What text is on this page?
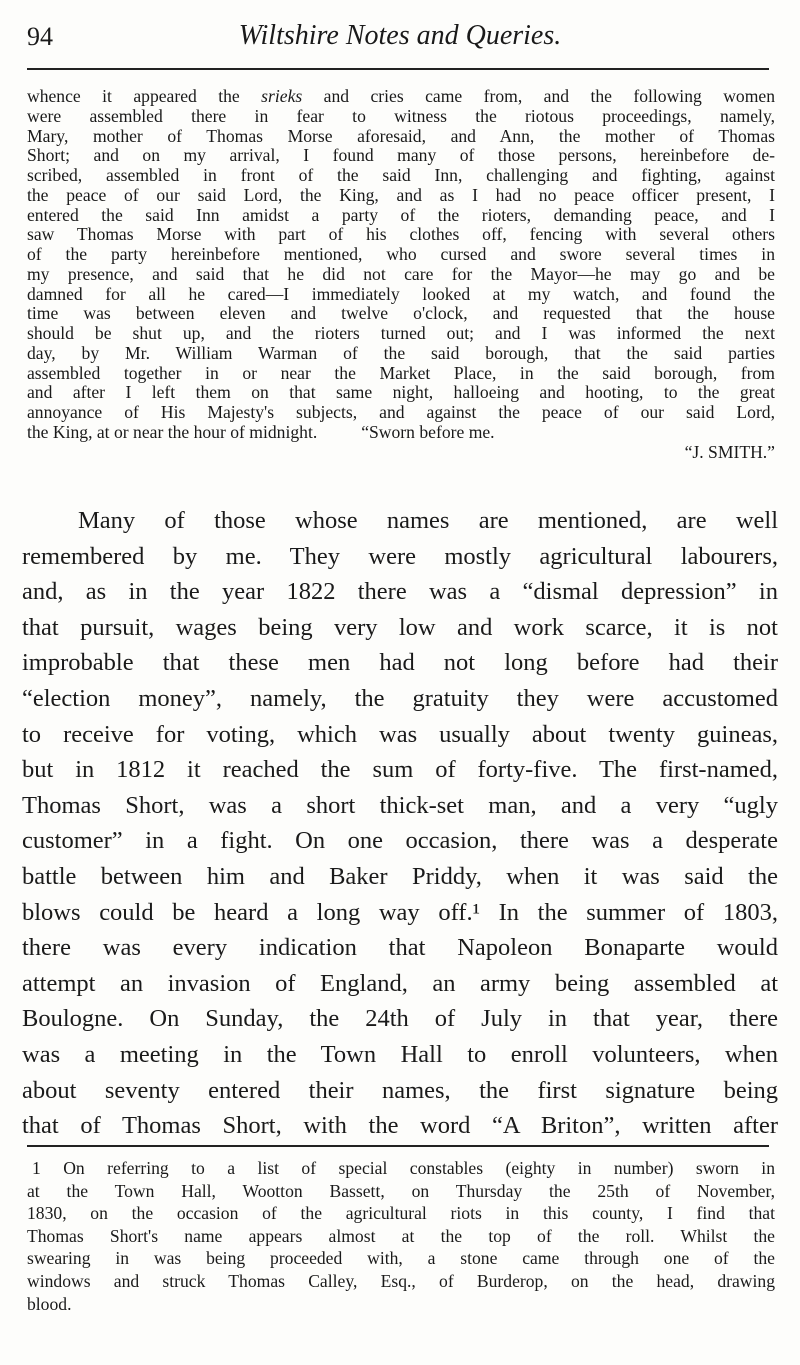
94	Wiltshire Notes and Queries.
whence it appeared the srieks and cries came from, and the following women
were assembled there in fear to witness the riotous proceedings, namely,
Mary, mother of Thomas Morse aforesaid, and Ann, the mother of Thomas
Short; and on my arrival, I found many of those persons, hereinbefore de-
scribed, assembled in front of the said Inn, challenging and fighting, against
the peace of our said Lord, the King, and as I had no peace officer present, I
entered the said Inn amidst a party of the rioters, demanding peace, and I
saw Thomas Morse with part of his clothes off, fencing with several others
of the party hereinbefore mentioned, who cursed and swore several times in
my presence, and said that he did not care for the Mayor—he may go and be
damned for all he cared—I immediately looked at my watch, and found the
time was between eleven and twelve o'clock, and requested that the house
should be shut up, and the rioters turned out; and I was informed the next
day, by Mr. William Warman of the said borough, that the said parties
assembled together in or near the Market Place, in the said borough, from
and after I left them on that same night, halloeing and hooting, to the great
annoyance of His Majesty's subjects, and against the peace of our said Lord,
the King, at or near the hour of midnight.          “Sworn before me.
“J. SMITH.”
Many of those whose names are mentioned, are well
remembered by me. They were mostly agricultural labourers,
and, as in the year 1822 there was a “dismal depression” in
that pursuit, wages being very low and work scarce, it is not
improbable that these men had not long before had their
“election money”, namely, the gratuity they were accustomed
to receive for voting, which was usually about twenty guineas,
but in 1812 it reached the sum of forty-five. The first-named,
Thomas Short, was a short thick-set man, and a very “ugly
customer” in a fight. On one occasion, there was a desperate
battle between him and Baker Priddy, when it was said the
blows could be heard a long way off.¹ In the summer of 1803,
there was every indication that Napoleon Bonaparte would
attempt an invasion of England, an army being assembled at
Boulogne. On Sunday, the 24th of July in that year, there
was a meeting in the Town Hall to enroll volunteers, when
about seventy entered their names, the first signature being
that of Thomas Short, with the word “A Briton”, written after
1 On referring to a list of special constables (eighty in number) sworn in
at the Town Hall, Wootton Bassett, on Thursday the 25th of November,
1830, on the occasion of the agricultural riots in this county, I find that
Thomas Short's name appears almost at the top of the roll. Whilst the
swearing in was being proceeded with, a stone came through one of the
windows and struck Thomas Calley, Esq., of Burderop, on the head, drawing
blood.
